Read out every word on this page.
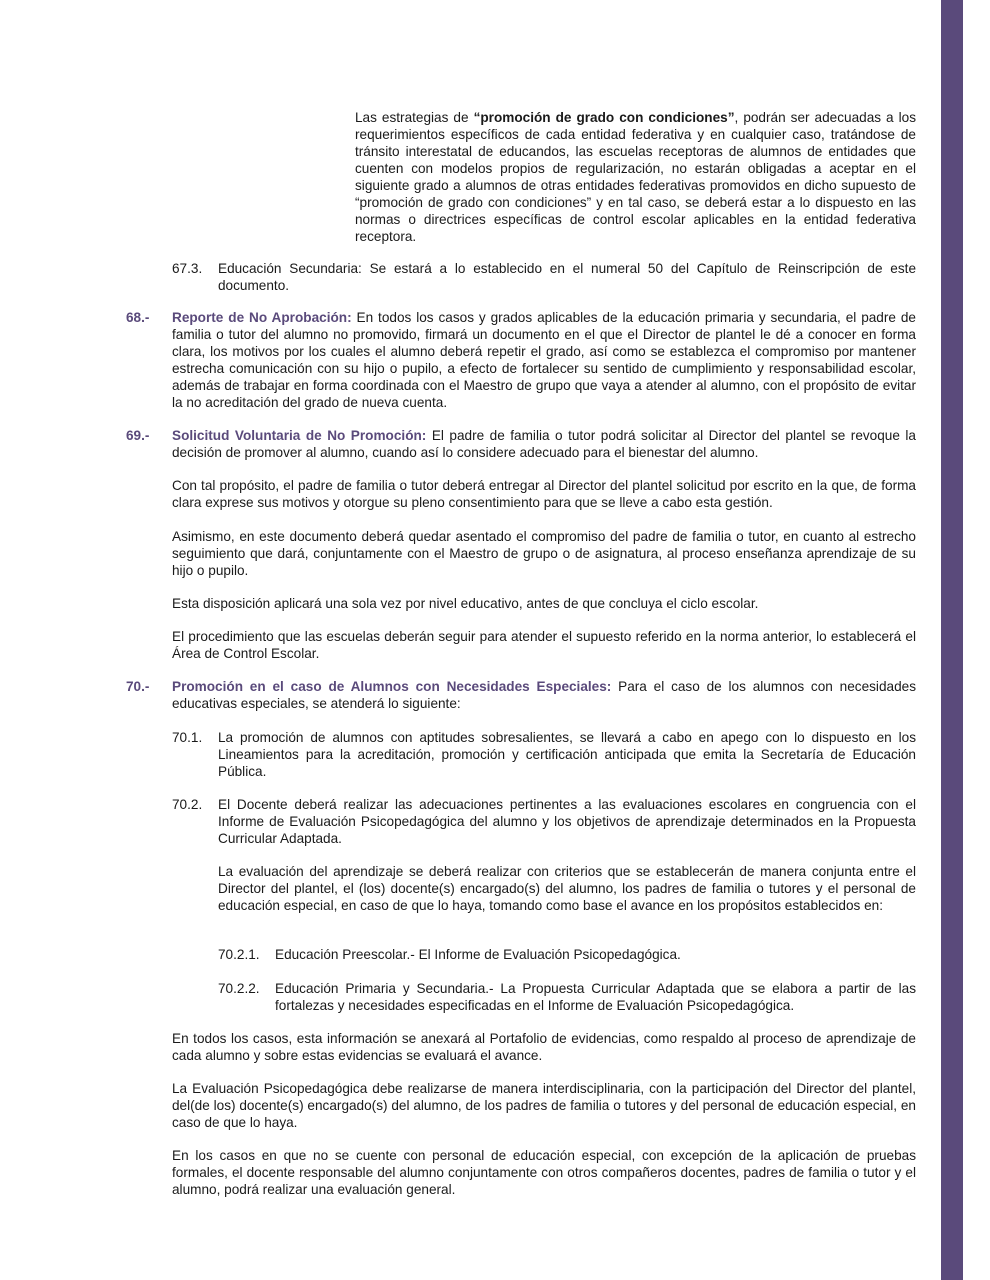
Las estrategias de “promoción de grado con condiciones”, podrán ser adecuadas a los requerimientos específicos de cada entidad federativa y en cualquier caso, tratándose de tránsito interestatal de educandos, las escuelas receptoras de alumnos de entidades que cuenten con modelos propios de regularización, no estarán obligadas a aceptar en el siguiente grado a alumnos de otras entidades federativas promovidos en dicho supuesto de “promoción de grado con condiciones” y en tal caso, se deberá estar a lo dispuesto en las normas o directrices específicas de control escolar aplicables en la entidad federativa receptora.

67.3. Educación Secundaria: Se estará a lo establecido en el numeral 50 del Capítulo de Reinscripción de este documento.

68.- Reporte de No Aprobación: En todos los casos y grados aplicables de la educación primaria y secundaria, el padre de familia o tutor del alumno no promovido, firmará un documento en el que el Director de plantel le dé a conocer en forma clara, los motivos por los cuales el alumno deberá repetir el grado, así como se establezca el compromiso por mantener estrecha comunicación con su hijo o pupilo, a efecto de fortalecer su sentido de cumplimiento y responsabilidad escolar, además de trabajar en forma coordinada con el Maestro de grupo que vaya a atender al alumno, con el propósito de evitar la no acreditación del grado de nueva cuenta.

69.- Solicitud Voluntaria de No Promoción: El padre de familia o tutor podrá solicitar al Director del plantel se revoque la decisión de promover al alumno, cuando así lo considere adecuado para el bienestar del alumno.

Con tal propósito, el padre de familia o tutor deberá entregar al Director del plantel solicitud por escrito en la que, de forma clara exprese sus motivos y otorgue su pleno consentimiento para que se lleve a cabo esta gestión.

Asimismo, en este documento deberá quedar asentado el compromiso del padre de familia o tutor, en cuanto al estrecho seguimiento que dará, conjuntamente con el Maestro de grupo o de asignatura, al proceso enseñanza aprendizaje de su hijo o pupilo.

Esta disposición aplicará una sola vez por nivel educativo, antes de que concluya el ciclo escolar.

El procedimiento que las escuelas deberán seguir para atender el supuesto referido en la norma anterior, lo establecerá el Área de Control Escolar.

70.- Promoción en el caso de Alumnos con Necesidades Especiales: Para el caso de los alumnos con necesidades educativas especiales, se atenderá lo siguiente:

70.1. La promoción de alumnos con aptitudes sobresalientes, se llevará a cabo en apego con lo dispuesto en los Lineamientos para la acreditación, promoción y certificación anticipada que emita la Secretaría de Educación Pública.

70.2. El Docente deberá realizar las adecuaciones pertinentes a las evaluaciones escolares en congruencia con el Informe de Evaluación Psicopedagógica del alumno y los objetivos de aprendizaje determinados en la Propuesta Curricular Adaptada.

La evaluación del aprendizaje se deberá realizar con criterios que se establecerán de manera conjunta entre el Director del plantel, el (los) docente(s) encargado(s) del alumno, los padres de familia o tutores y el personal de educación especial, en caso de que lo haya, tomando como base el avance en los propósitos establecidos en:

70.2.1. Educación Preescolar.- El Informe de Evaluación Psicopedagógica.

70.2.2. Educación Primaria y Secundaria.- La Propuesta Curricular Adaptada que se elabora a partir de las fortalezas y necesidades especificadas en el Informe de Evaluación Psicopedagógica.

En todos los casos, esta información se anexará al Portafolio de evidencias, como respaldo al proceso de aprendizaje de cada alumno y sobre estas evidencias se evaluará el avance.

La Evaluación Psicopedagógica debe realizarse de manera interdisciplinaria, con la participación del Director del plantel, del(de los) docente(s) encargado(s) del alumno, de los padres de familia o tutores y del personal de educación especial, en caso de que lo haya.

En los casos en que no se cuente con personal de educación especial, con excepción de la aplicación de pruebas formales, el docente responsable del alumno conjuntamente con otros compañeros docentes, padres de familia o tutor y el alumno, podrá realizar una evaluación general.
